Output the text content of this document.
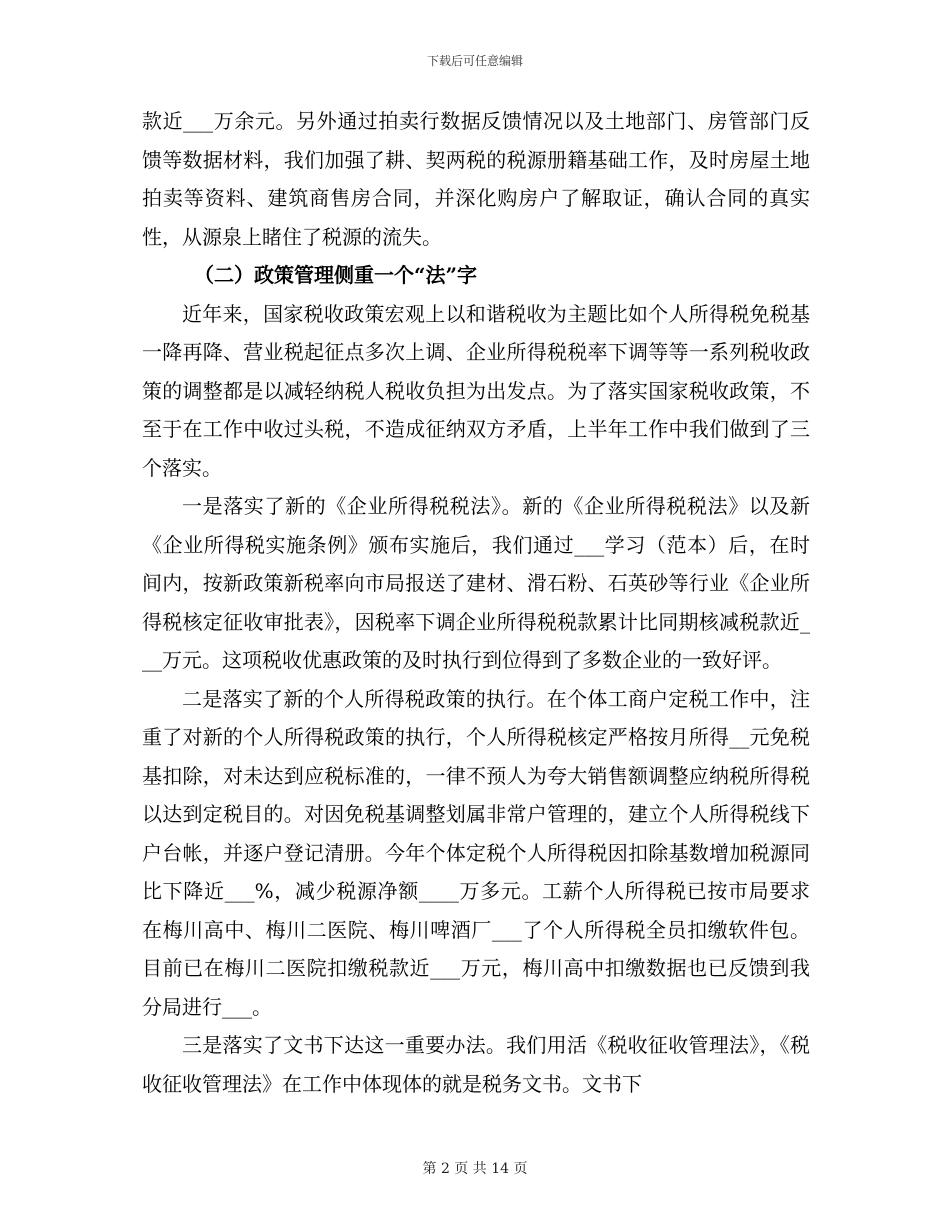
下载后可任意编辑

款近___万余元。另外通过拍卖行数据反馈情况以及土地部门、房管部门反馈等数据材料，我们加强了耕、契两税的税源册籍基础工作，及时房屋土地拍卖等资料、建筑商售房合同，并深化购房户了解取证，确认合同的真实性，从源泉上睹住了税源的流失。

（二）政策管理侧重一个“法”字

近年来，国家税收政策宏观上以和谐税收为主题比如个人所得税免税基一降再降、营业税起征点多次上调、企业所得税税率下调等等一系列税收政策的调整都是以减轻纳税人税收负担为出发点。为了落实国家税收政策，不至于在工作中收过头税，不造成征纳双方矛盾，上半年工作中我们做到了三个落实。

一是落实了新的《企业所得税税法》。新的《企业所得税税法》以及新《企业所得税实施条例》颁布实施后，我们通过___学习（范本）后，在时间内，按新政策新税率向市局报送了建材、滑石粉、石英砂等行业《企业所得税核定征收审批表》，因税率下调企业所得税税款累计比同期核减税款近___万元。这项税收优惠政策的及时执行到位得到了多数企业的一致好评。

二是落实了新的个人所得税政策的执行。在个体工商户定税工作中，注重了对新的个人所得税政策的执行，个人所得税核定严格按月所得__元免税基扣除，对未达到应税标准的，一律不预人为夸大销售额调整应纳税所得税以达到定税目的。对因免税基调整划属非常户管理的，建立个人所得税线下户台帐，并逐户登记清册。今年个体定税个人所得税因扣除基数增加税源同比下降近___%，减少税源净额____万多元。工薪个人所得税已按市局要求在梅川高中、梅川二医院、梅川啤酒厂___了个人所得税全员扣缴软件包。目前已在梅川二医院扣缴税款近___万元，梅川高中扣缴数据也已反馈到我分局进行___。

三是落实了文书下达这一重要办法。我们用活《税收征收管理法》，《税收征收管理法》在工作中体现体的就是税务文书。文书下

第 2 页 共 14 页
